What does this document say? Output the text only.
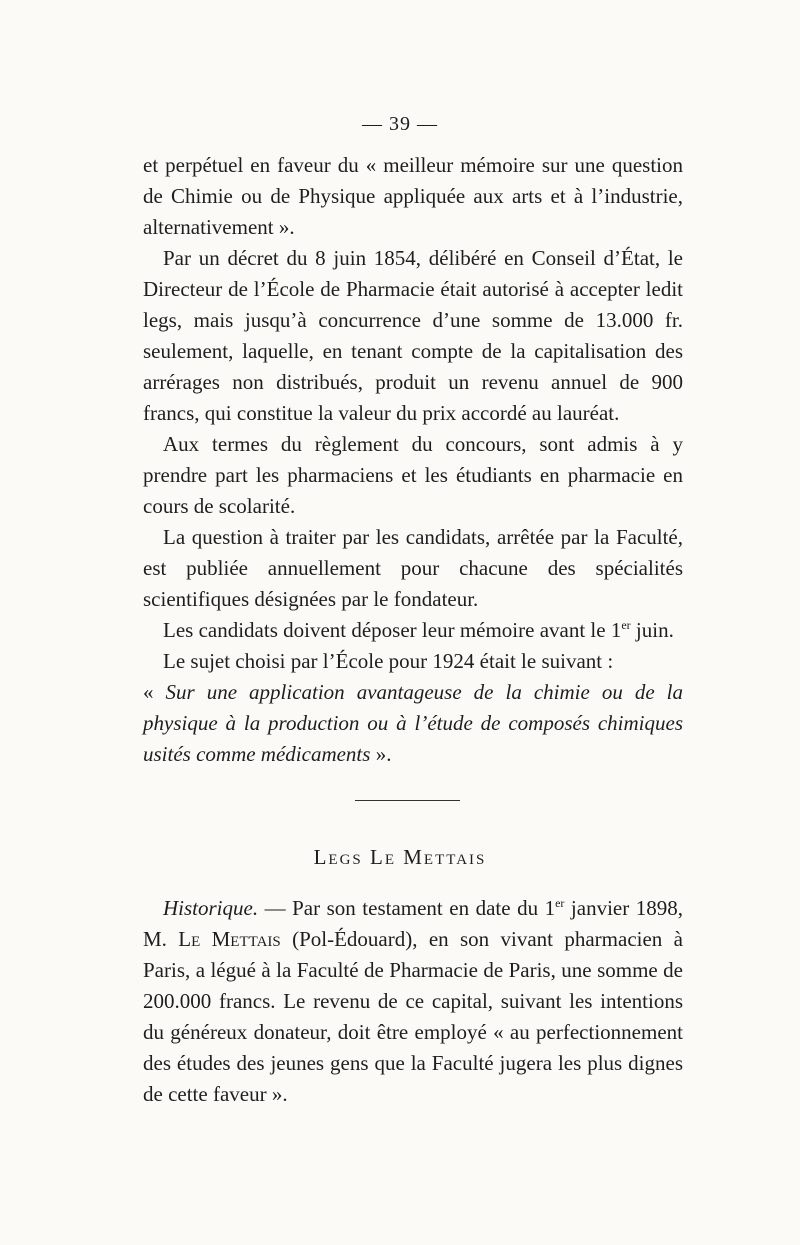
— 39 —

et perpétuel en faveur du « meilleur mémoire sur une question de Chimie ou de Physique appliquée aux arts et à l’industrie, alternativement ».

Par un décret du 8 juin 1854, délibéré en Conseil d’État, le Directeur de l’École de Pharmacie était autorisé à accepter ledit legs, mais jusqu’à concurrence d’une somme de 13.000 fr. seulement, laquelle, en tenant compte de la capitalisation des arrérages non distribués, produit un revenu annuel de 900 francs, qui constitue la valeur du prix accordé au lauréat.

Aux termes du règlement du concours, sont admis à y prendre part les pharmaciens et les étudiants en pharmacie en cours de scolarité.

La question à traiter par les candidats, arrêtée par la Faculté, est publiée annuellement pour chacune des spécialités scientifiques désignées par le fondateur.

Les candidats doivent déposer leur mémoire avant le 1er juin.

Le sujet choisi par l’École pour 1924 était le suivant :

« Sur une application avantageuse de la chimie ou de la physique à la production ou à l’étude de composés chimiques usités comme médicaments ».

Legs Le Mettais

Historique. — Par son testament en date du 1er janvier 1898, M. Le Mettais (Pol-Édouard), en son vivant pharmacien à Paris, a légué à la Faculté de Pharmacie de Paris, une somme de 200.000 francs. Le revenu de ce capital, suivant les intentions du généreux donateur, doit être employé « au perfectionnement des études des jeunes gens que la Faculté jugera les plus dignes de cette faveur ».
